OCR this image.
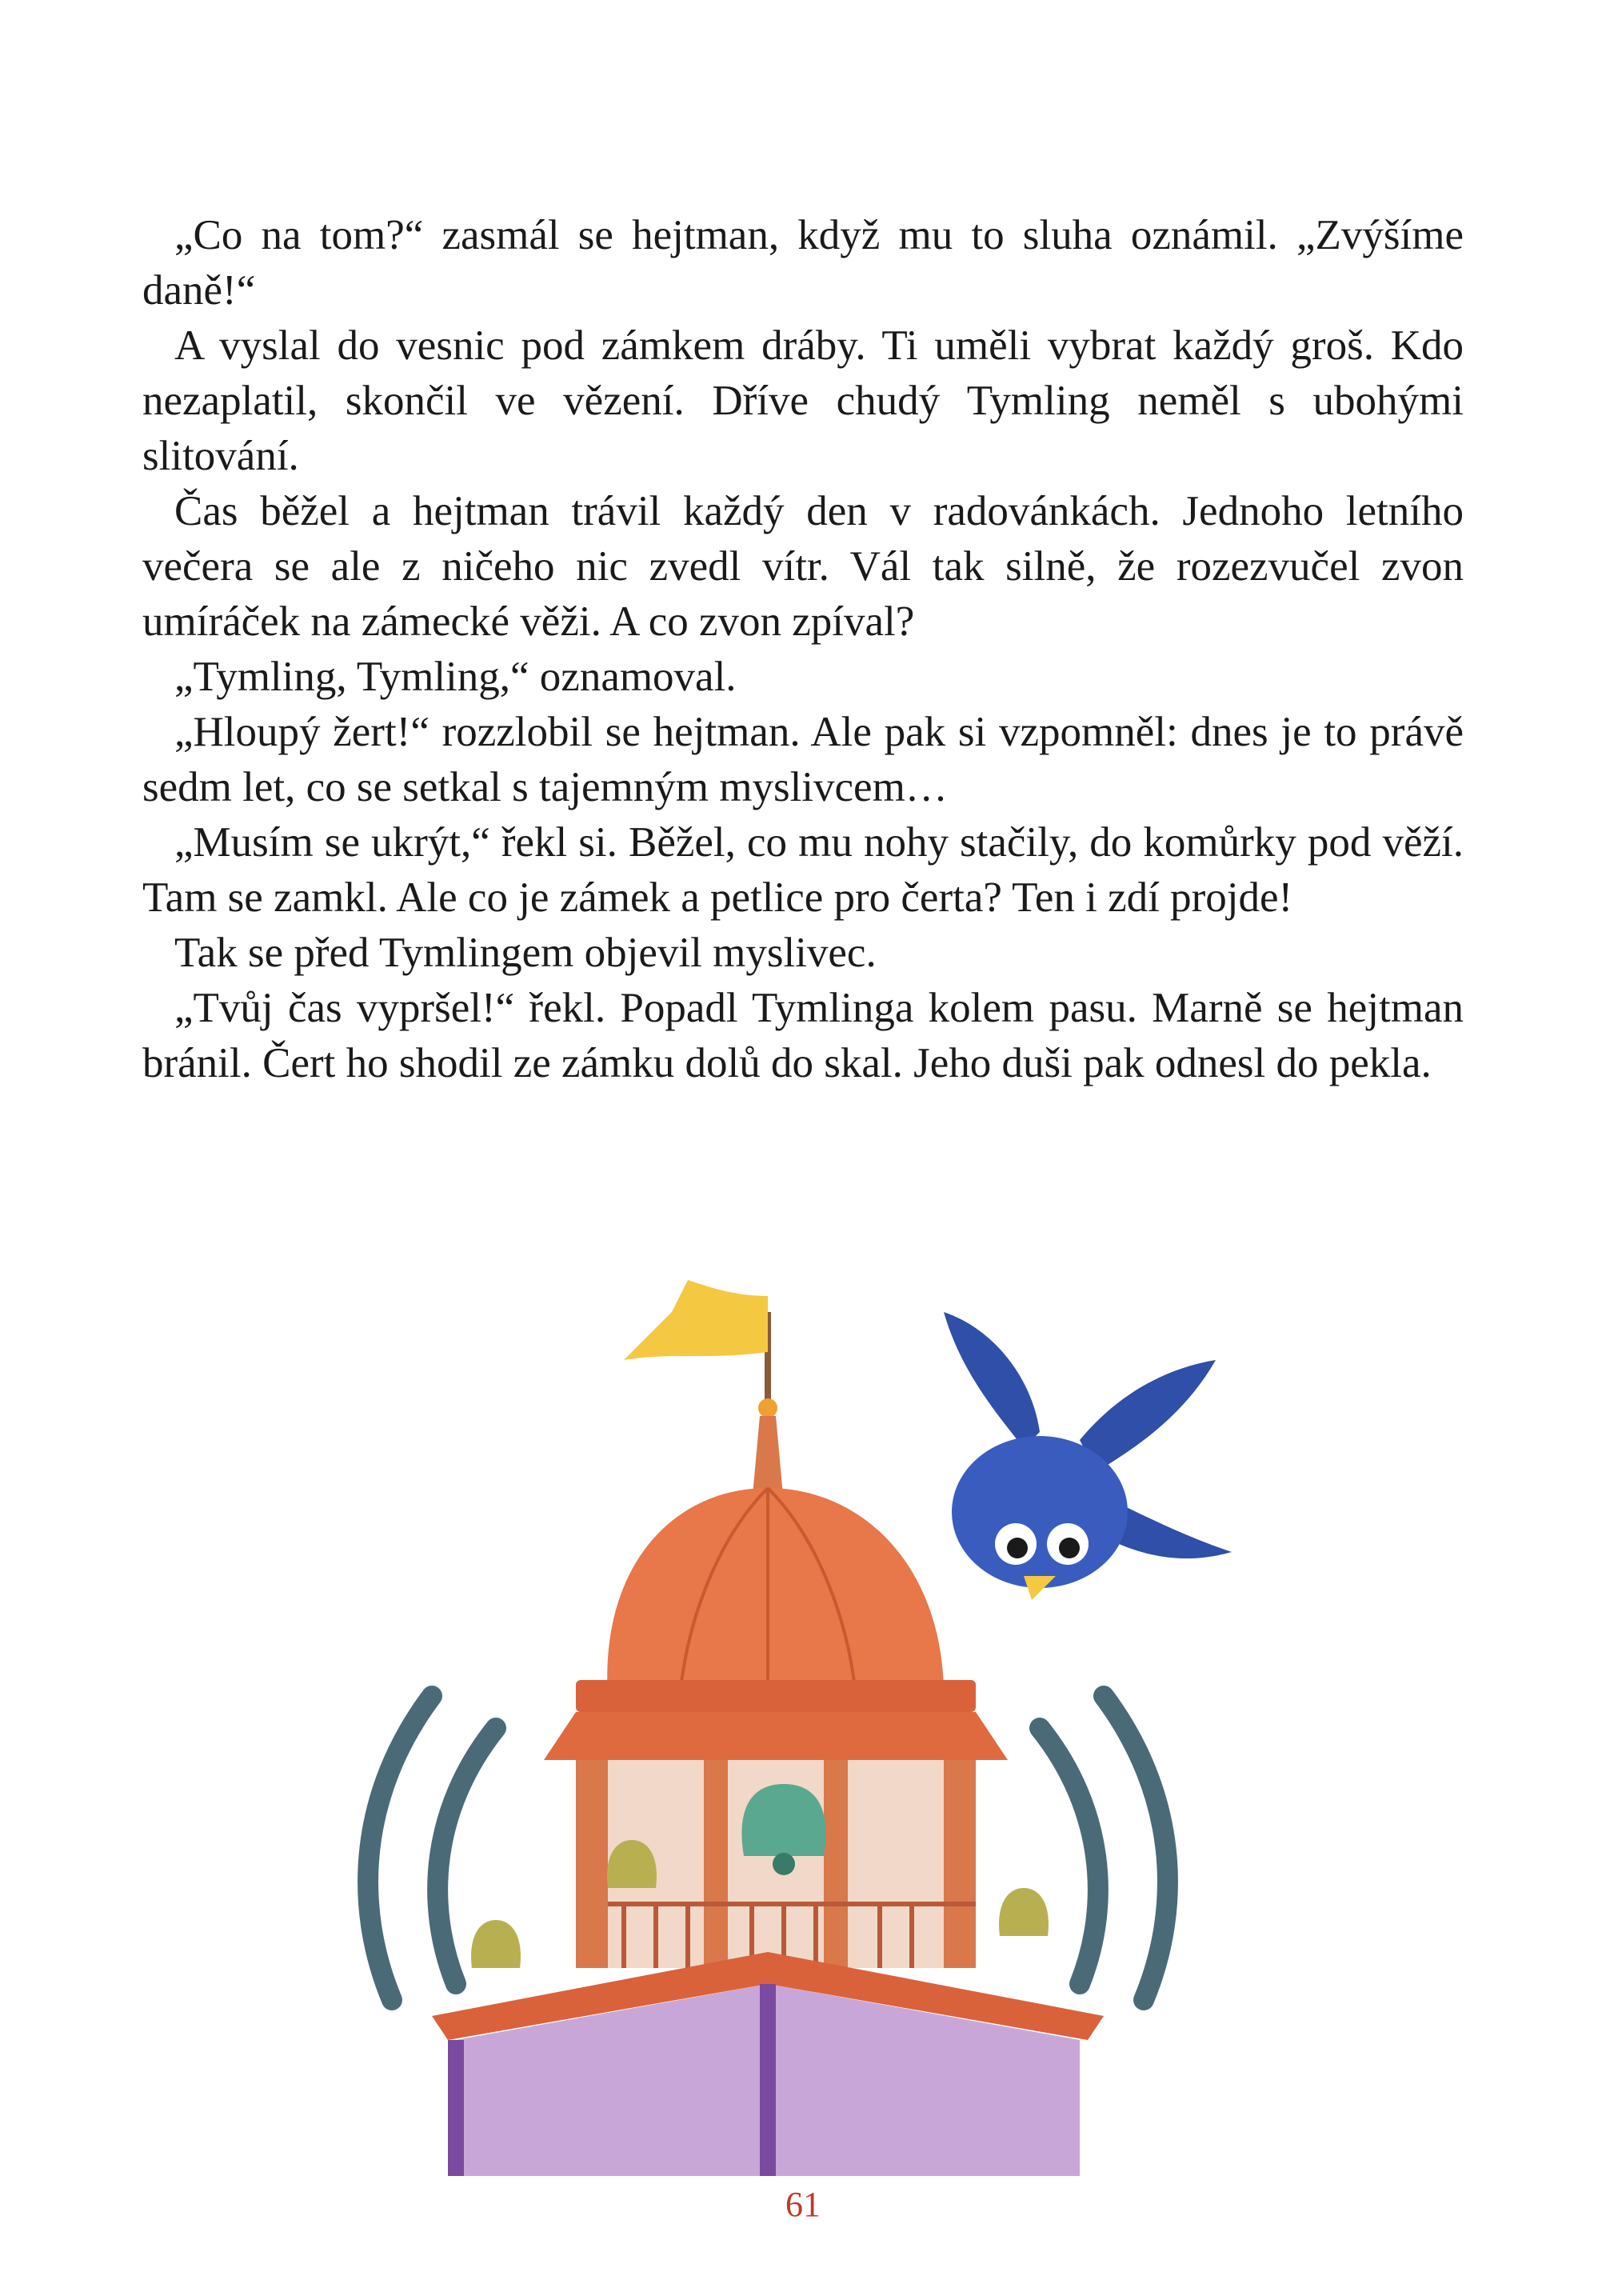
„Co na tom?“ zasmál se hejtman, když mu to sluha oznámil. „Zvýšíme daně!“

A vyslal do vesnic pod zámkem dráby. Ti uměli vybrat každý groš. Kdo nezaplatil, skončil ve vězení. Dříve chudý Tymling neměl s ubohými slitování.

Čas běžel a hejtman trávil každý den v radovánkách. Jednoho letního večera se ale z ničeho nic zvedl vítr. Vál tak silně, že rozezvučel zvon umíráček na zámecké věži. A co zvon zpíval?

„Tymling, Tymling,“ oznamoval.

„Hloupý žert!“ rozzlobil se hejtman. Ale pak si vzpomněl: dnes je to právě sedm let, co se setkal s tajemným myslivcem…

„Musím se ukrýt,“ řekl si. Běžel, co mu nohy stačily, do komůrky pod věží. Tam se zamkl. Ale co je zámek a petlice pro čerta? Ten i zdí projde!

Tak se před Tymlingem objevil myslivec.

„Tvůj čas vypršel!“ řekl. Popadl Tymlinga kolem pasu. Marně se hejtman bránil. Čert ho shodil ze zámku dolů do skal. Jeho duši pak odnesl do pekla.

61
